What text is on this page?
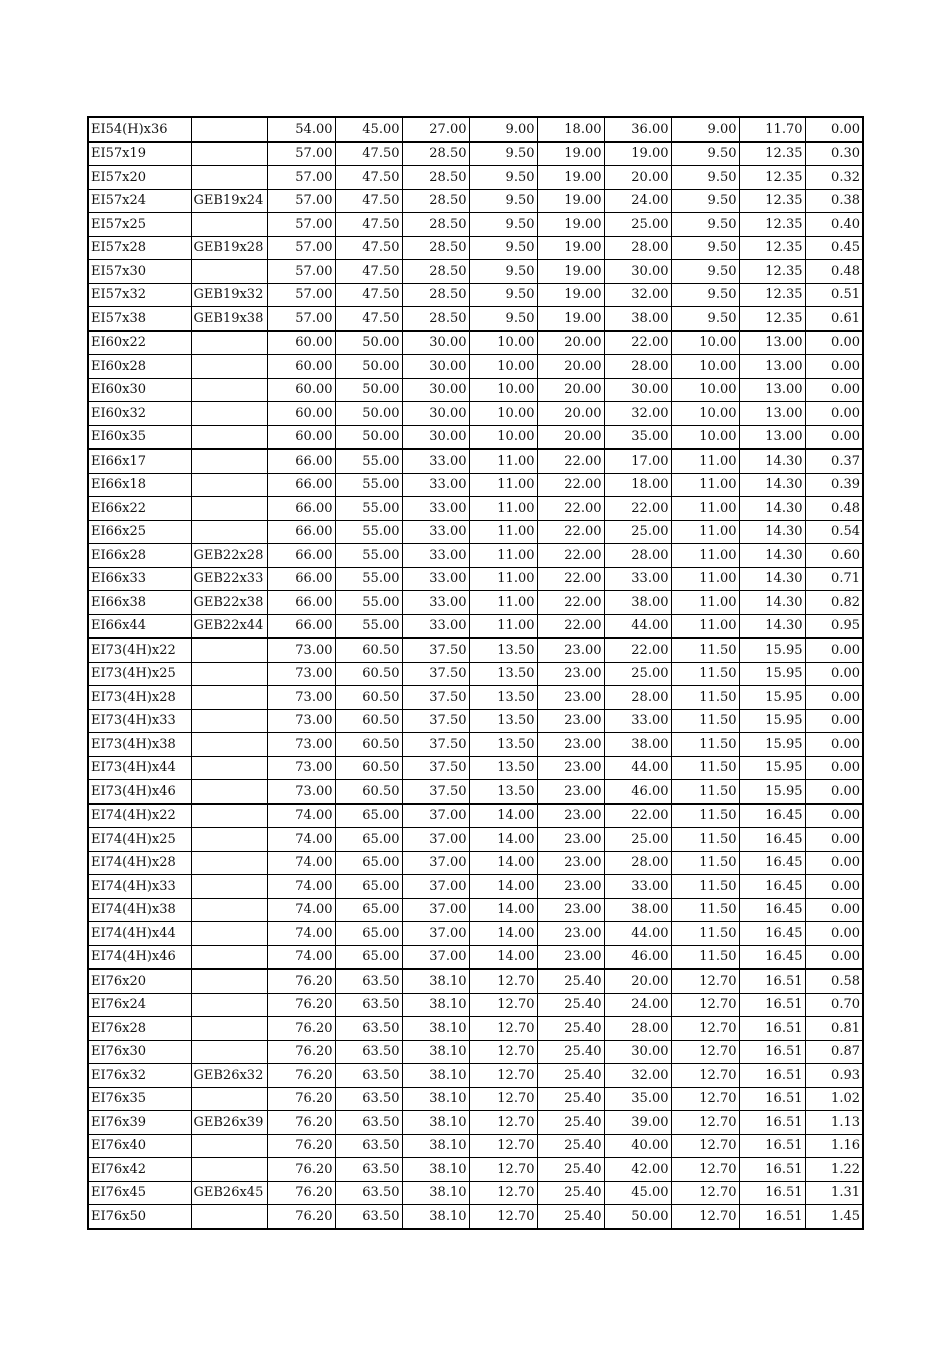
EI54(H)x36		54.00	45.00	27.00	9.00	18.00	36.00	9.00	11.70	0.00
EI57x19		57.00	47.50	28.50	9.50	19.00	19.00	9.50	12.35	0.30
EI57x20		57.00	47.50	28.50	9.50	19.00	20.00	9.50	12.35	0.32
EI57x24	GEB19x24	57.00	47.50	28.50	9.50	19.00	24.00	9.50	12.35	0.38
EI57x25		57.00	47.50	28.50	9.50	19.00	25.00	9.50	12.35	0.40
EI57x28	GEB19x28	57.00	47.50	28.50	9.50	19.00	28.00	9.50	12.35	0.45
EI57x30		57.00	47.50	28.50	9.50	19.00	30.00	9.50	12.35	0.48
EI57x32	GEB19x32	57.00	47.50	28.50	9.50	19.00	32.00	9.50	12.35	0.51
EI57x38	GEB19x38	57.00	47.50	28.50	9.50	19.00	38.00	9.50	12.35	0.61
EI60x22		60.00	50.00	30.00	10.00	20.00	22.00	10.00	13.00	0.00
EI60x28		60.00	50.00	30.00	10.00	20.00	28.00	10.00	13.00	0.00
EI60x30		60.00	50.00	30.00	10.00	20.00	30.00	10.00	13.00	0.00
EI60x32		60.00	50.00	30.00	10.00	20.00	32.00	10.00	13.00	0.00
EI60x35		60.00	50.00	30.00	10.00	20.00	35.00	10.00	13.00	0.00
EI66x17		66.00	55.00	33.00	11.00	22.00	17.00	11.00	14.30	0.37
EI66x18		66.00	55.00	33.00	11.00	22.00	18.00	11.00	14.30	0.39
EI66x22		66.00	55.00	33.00	11.00	22.00	22.00	11.00	14.30	0.48
EI66x25		66.00	55.00	33.00	11.00	22.00	25.00	11.00	14.30	0.54
EI66x28	GEB22x28	66.00	55.00	33.00	11.00	22.00	28.00	11.00	14.30	0.60
EI66x33	GEB22x33	66.00	55.00	33.00	11.00	22.00	33.00	11.00	14.30	0.71
EI66x38	GEB22x38	66.00	55.00	33.00	11.00	22.00	38.00	11.00	14.30	0.82
EI66x44	GEB22x44	66.00	55.00	33.00	11.00	22.00	44.00	11.00	14.30	0.95
EI73(4H)x22		73.00	60.50	37.50	13.50	23.00	22.00	11.50	15.95	0.00
EI73(4H)x25		73.00	60.50	37.50	13.50	23.00	25.00	11.50	15.95	0.00
EI73(4H)x28		73.00	60.50	37.50	13.50	23.00	28.00	11.50	15.95	0.00
EI73(4H)x33		73.00	60.50	37.50	13.50	23.00	33.00	11.50	15.95	0.00
EI73(4H)x38		73.00	60.50	37.50	13.50	23.00	38.00	11.50	15.95	0.00
EI73(4H)x44		73.00	60.50	37.50	13.50	23.00	44.00	11.50	15.95	0.00
EI73(4H)x46		73.00	60.50	37.50	13.50	23.00	46.00	11.50	15.95	0.00
EI74(4H)x22		74.00	65.00	37.00	14.00	23.00	22.00	11.50	16.45	0.00
EI74(4H)x25		74.00	65.00	37.00	14.00	23.00	25.00	11.50	16.45	0.00
EI74(4H)x28		74.00	65.00	37.00	14.00	23.00	28.00	11.50	16.45	0.00
EI74(4H)x33		74.00	65.00	37.00	14.00	23.00	33.00	11.50	16.45	0.00
EI74(4H)x38		74.00	65.00	37.00	14.00	23.00	38.00	11.50	16.45	0.00
EI74(4H)x44		74.00	65.00	37.00	14.00	23.00	44.00	11.50	16.45	0.00
EI74(4H)x46		74.00	65.00	37.00	14.00	23.00	46.00	11.50	16.45	0.00
EI76x20		76.20	63.50	38.10	12.70	25.40	20.00	12.70	16.51	0.58
EI76x24		76.20	63.50	38.10	12.70	25.40	24.00	12.70	16.51	0.70
EI76x28		76.20	63.50	38.10	12.70	25.40	28.00	12.70	16.51	0.81
EI76x30		76.20	63.50	38.10	12.70	25.40	30.00	12.70	16.51	0.87
EI76x32	GEB26x32	76.20	63.50	38.10	12.70	25.40	32.00	12.70	16.51	0.93
EI76x35		76.20	63.50	38.10	12.70	25.40	35.00	12.70	16.51	1.02
EI76x39	GEB26x39	76.20	63.50	38.10	12.70	25.40	39.00	12.70	16.51	1.13
EI76x40		76.20	63.50	38.10	12.70	25.40	40.00	12.70	16.51	1.16
EI76x42		76.20	63.50	38.10	12.70	25.40	42.00	12.70	16.51	1.22
EI76x45	GEB26x45	76.20	63.50	38.10	12.70	25.40	45.00	12.70	16.51	1.31
EI76x50		76.20	63.50	38.10	12.70	25.40	50.00	12.70	16.51	1.45
